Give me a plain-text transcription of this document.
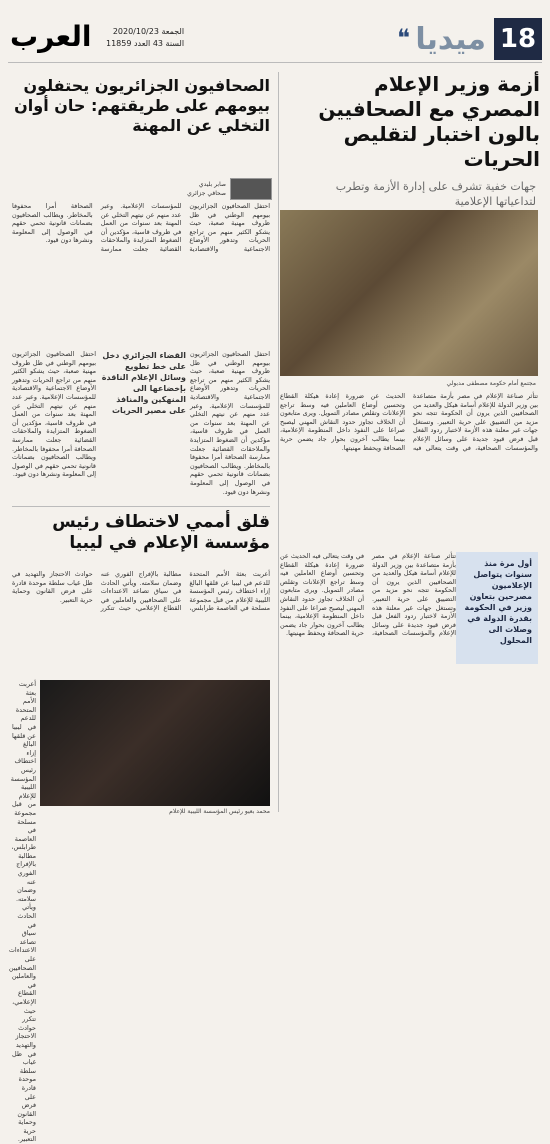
18
ميديا
❝
العرب	الجمعة 2020/10/23
السنة 43 العدد 11859
أزمة وزير الإعلام المصري مع الصحافيين بالون اختبار لتقليص الحريات
جهات خفية تشرف على إدارة الأزمة وتطرب لتداعياتها الإعلامية
مجتمع أمام حكومة مصطفى مدبولي
تتأثر صناعة الإعلام في مصر بأزمة متصاعدة بين وزير الدولة للإعلام أسامة هيكل والعديد من الصحافيين الذين يرون أن الحكومة تتجه نحو مزيد من التضييق على حرية التعبير. وتستغل جهات غير معلنة هذه الأزمة لاختبار ردود الفعل قبل فرض قيود جديدة على وسائل الإعلام والمؤسسات الصحافية، في وقت يتعالى فيه الحديث عن ضرورة إعادة هيكلة القطاع وتحسين أوضاع العاملين فيه وسط تراجع الإعلانات وتقلص مصادر التمويل. ويرى متابعون أن الخلاف تجاوز حدود النقاش المهني ليصبح صراعا على النفوذ داخل المنظومة الإعلامية، بينما يطالب آخرون بحوار جاد يضمن حرية الصحافة ويحفظ مهنيتها.
أول مرة منذ سنوات يتواصل الإعلاميون مصرحين بتعاون وزير في الحكومة بقدرة الدولة في وصلات الى المحلول
تتأثر صناعة الإعلام في مصر بأزمة متصاعدة بين وزير الدولة للإعلام أسامة هيكل والعديد من الصحافيين الذين يرون أن الحكومة تتجه نحو مزيد من التضييق على حرية التعبير. وتستغل جهات غير معلنة هذه الأزمة لاختبار ردود الفعل قبل فرض قيود جديدة على وسائل الإعلام والمؤسسات الصحافية، في وقت يتعالى فيه الحديث عن ضرورة إعادة هيكلة القطاع وتحسين أوضاع العاملين فيه وسط تراجع الإعلانات وتقلص مصادر التمويل. ويرى متابعون أن الخلاف تجاوز حدود النقاش المهني ليصبح صراعا على النفوذ داخل المنظومة الإعلامية، بينما يطالب آخرون بحوار جاد يضمن حرية الصحافة ويحفظ مهنيتها.
الصحافيون الجزائريون يحتفلون بيومهم على طريقتهم: حان أوان التخلي عن المهنة
صابر بليدي
صحافي جزائري
احتفل الصحافيون الجزائريون بيومهم الوطني في ظل ظروف مهنية صعبة، حيث يشكو الكثير منهم من تراجع الحريات وتدهور الأوضاع الاجتماعية والاقتصادية للمؤسسات الإعلامية. وعبر عدد منهم عن نيتهم التخلي عن المهنة بعد سنوات من العمل في ظروف قاسية، مؤكدين أن الضغوط المتزايدة والملاحقات القضائية جعلت ممارسة الصحافة أمرا محفوفا بالمخاطر. ويطالب الصحافيون بضمانات قانونية تحمي حقهم في الوصول إلى المعلومة ونشرها دون قيود.
القضاء الجزائري دخل على خط تطويع وسائل الإعلام الناقدة بإخضاعها الى المنهكين والمنافذ على مصير الحريات
احتفل الصحافيون الجزائريون بيومهم الوطني في ظل ظروف مهنية صعبة، حيث يشكو الكثير منهم من تراجع الحريات وتدهور الأوضاع الاجتماعية والاقتصادية للمؤسسات الإعلامية. وعبر عدد منهم عن نيتهم التخلي عن المهنة بعد سنوات من العمل في ظروف قاسية، مؤكدين أن الضغوط المتزايدة والملاحقات القضائية جعلت ممارسة الصحافة أمرا محفوفا بالمخاطر. ويطالب الصحافيون بضمانات قانونية تحمي حقهم في الوصول إلى المعلومة ونشرها دون قيود.
احتفل الصحافيون الجزائريون بيومهم الوطني في ظل ظروف مهنية صعبة، حيث يشكو الكثير منهم من تراجع الحريات وتدهور الأوضاع الاجتماعية والاقتصادية للمؤسسات الإعلامية. وعبر عدد منهم عن نيتهم التخلي عن المهنة بعد سنوات من العمل في ظروف قاسية، مؤكدين أن الضغوط المتزايدة والملاحقات القضائية جعلت ممارسة الصحافة أمرا محفوفا بالمخاطر. ويطالب الصحافيون بضمانات قانونية تحمي حقهم في الوصول إلى المعلومة ونشرها دون قيود.
قلق أممي لاختطاف رئيس مؤسسة الإعلام في ليبيا
أعربت بعثة الأمم المتحدة للدعم في ليبيا عن قلقها البالغ إزاء اختطاف رئيس المؤسسة الليبية للإعلام من قبل مجموعة مسلحة في العاصمة طرابلس، مطالبة بالإفراج الفوري عنه وضمان سلامته. ويأتي الحادث في سياق تصاعد الاعتداءات على الصحافيين والعاملين في القطاع الإعلامي، حيث تتكرر حوادث الاحتجاز والتهديد في ظل غياب سلطة موحدة قادرة على فرض القانون وحماية حرية التعبير.
محمد بعيو رئيس المؤسسة الليبية للإعلام
أعربت بعثة الأمم المتحدة للدعم في ليبيا عن قلقها البالغ إزاء اختطاف رئيس المؤسسة الليبية للإعلام من قبل مجموعة مسلحة في العاصمة طرابلس، مطالبة بالإفراج الفوري عنه وضمان سلامته. ويأتي الحادث في سياق تصاعد الاعتداءات على الصحافيين والعاملين في القطاع الإعلامي، حيث تتكرر حوادث الاحتجاز والتهديد في ظل غياب سلطة موحدة قادرة على فرض القانون وحماية حرية التعبير.
